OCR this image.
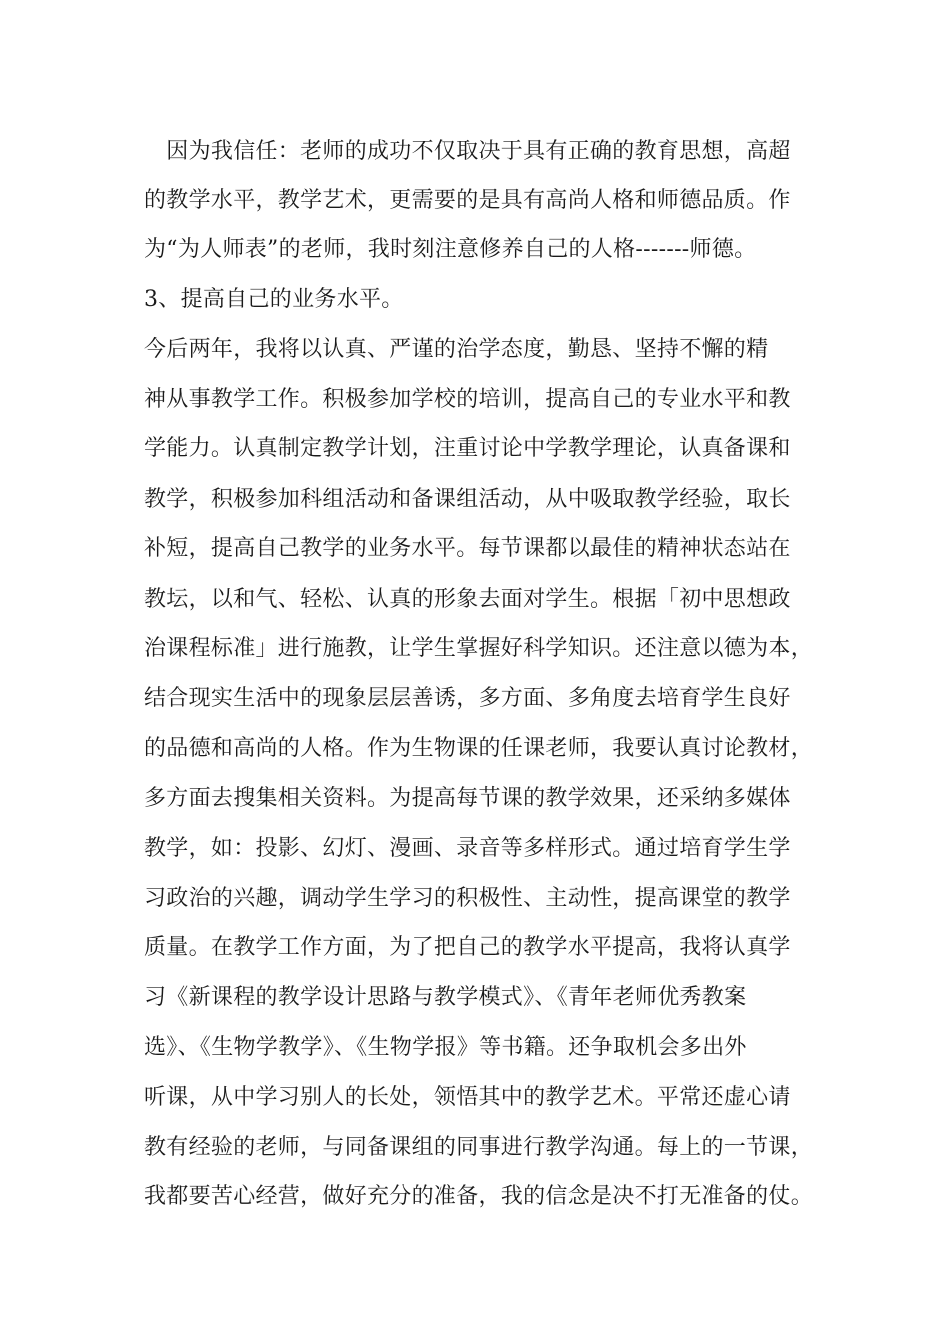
　因为我信任：老师的成功不仅取决于具有正确的教育思想，高超
的教学水平，教学艺术，更需要的是具有高尚人格和师德品质。作
为“为人师表”的老师，我时刻注意修养自己的人格-------师德。
3、提高自己的业务水平。
今后两年，我将以认真、严谨的治学态度，勤恳、坚持不懈的精
神从事教学工作。积极参加学校的培训，提高自己的专业水平和教
学能力。认真制定教学计划，注重讨论中学教学理论，认真备课和
教学，积极参加科组活动和备课组活动，从中吸取教学经验，取长
补短，提高自己教学的业务水平。每节课都以最佳的精神状态站在
教坛，以和气、轻松、认真的形象去面对学生。根据「初中思想政
治课程标准」进行施教，让学生掌握好科学知识。还注意以德为本，
结合现实生活中的现象层层善诱，多方面、多角度去培育学生良好
的品德和高尚的人格。作为生物课的任课老师，我要认真讨论教材，
多方面去搜集相关资料。为提高每节课的教学效果，还采纳多媒体
教学，如：投影、幻灯、漫画、录音等多样形式。通过培育学生学
习政治的兴趣，调动学生学习的积极性、主动性，提高课堂的教学
质量。在教学工作方面，为了把自己的教学水平提高，我将认真学
习《新课程的教学设计思路与教学模式》、《青年老师优秀教案
选》、《生物学教学》、《生物学报》等书籍。还争取机会多出外
听课，从中学习别人的长处，领悟其中的教学艺术。平常还虚心请
教有经验的老师，与同备课组的同事进行教学沟通。每上的一节课，
我都要苦心经营，做好充分的准备，我的信念是决不打无准备的仗。
